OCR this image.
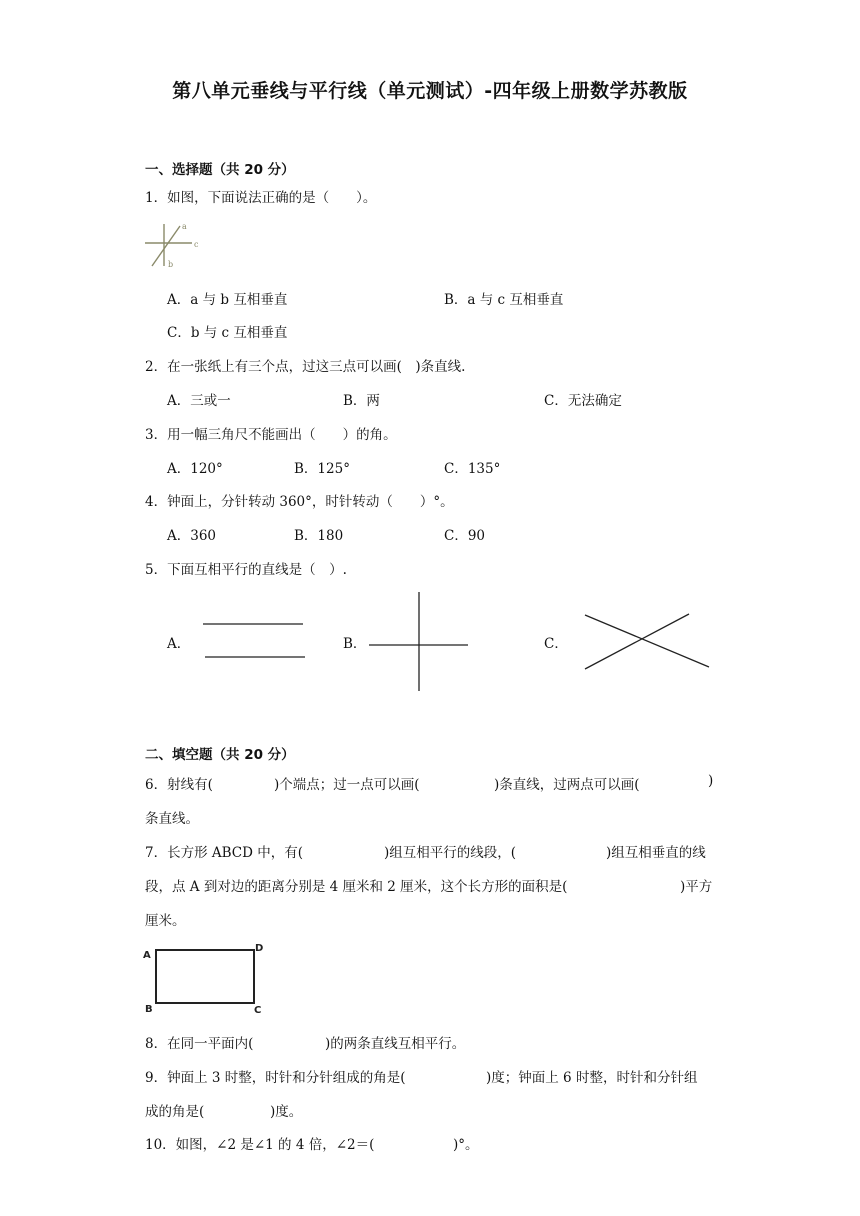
第八单元垂线与平行线（单元测试）-四年级上册数学苏教版
一、选择题（共 20 分）
1．如图，下面说法正确的是（　　）。
a
c
b
A．a 与 b 互相垂直	B．a 与 c 互相垂直
C．b 与 c 互相垂直
2．在一张纸上有三个点，过这三点可以画(　)条直线.
A．三或一	B．两	C．无法确定
3．用一幅三角尺不能画出（　　）的角。
A．120°	B．125°	C．135°
4．钟面上，分针转动 360°，时针转动（　　）°。
A．360	B．180	C．90
5．下面互相平行的直线是（　）.
A．	B．	C．
二、填空题（共 20 分）
6．射线有(	)个端点；过一点可以画(	)条直线，过两点可以画(	)
条直线。
7．长方形 ABCD 中，有(	)组互相平行的线段，(	)组互相垂直的线
段，点 A 到对边的距离分别是 4 厘米和 2 厘米，这个长方形的面积是(	)平方
厘米。
A
D
B	C
8．在同一平面内(	)的两条直线互相平行。
9．钟面上 3 时整，时针和分针组成的角是(	)度；钟面上 6 时整，时针和分针组
成的角是(	)度。
10．如图，∠2 是∠1 的 4 倍，∠2＝(	)°。
